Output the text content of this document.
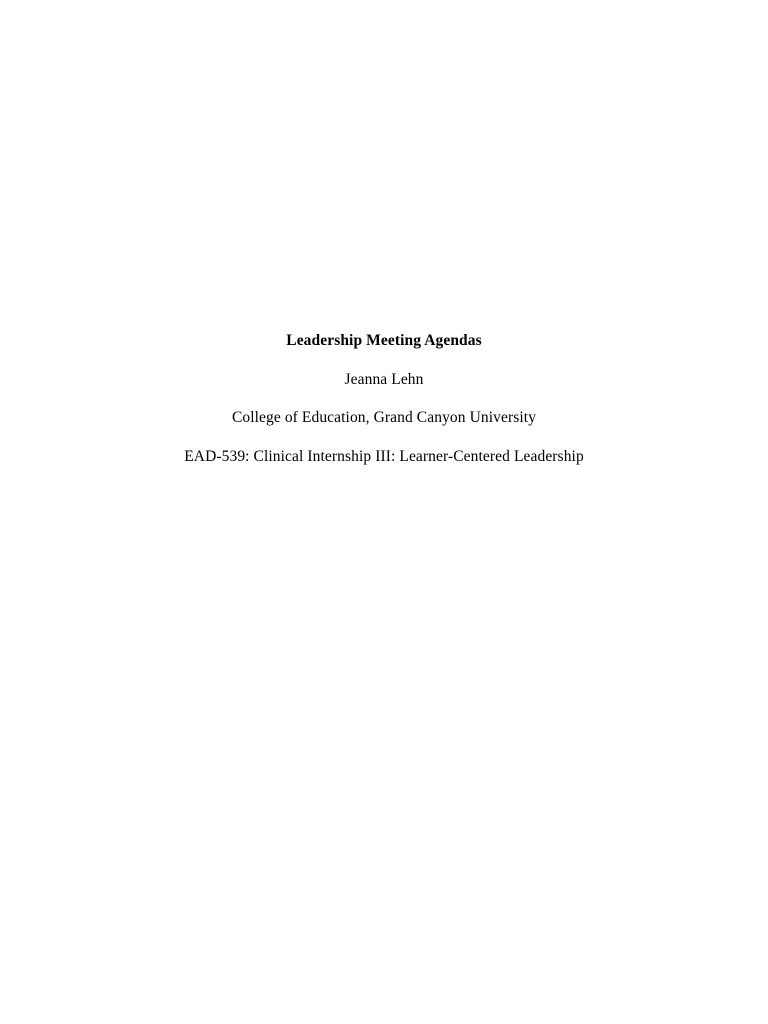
Leadership Meeting Agendas
Jeanna Lehn
College of Education, Grand Canyon University
EAD-539: Clinical Internship III: Learner-Centered Leadership
